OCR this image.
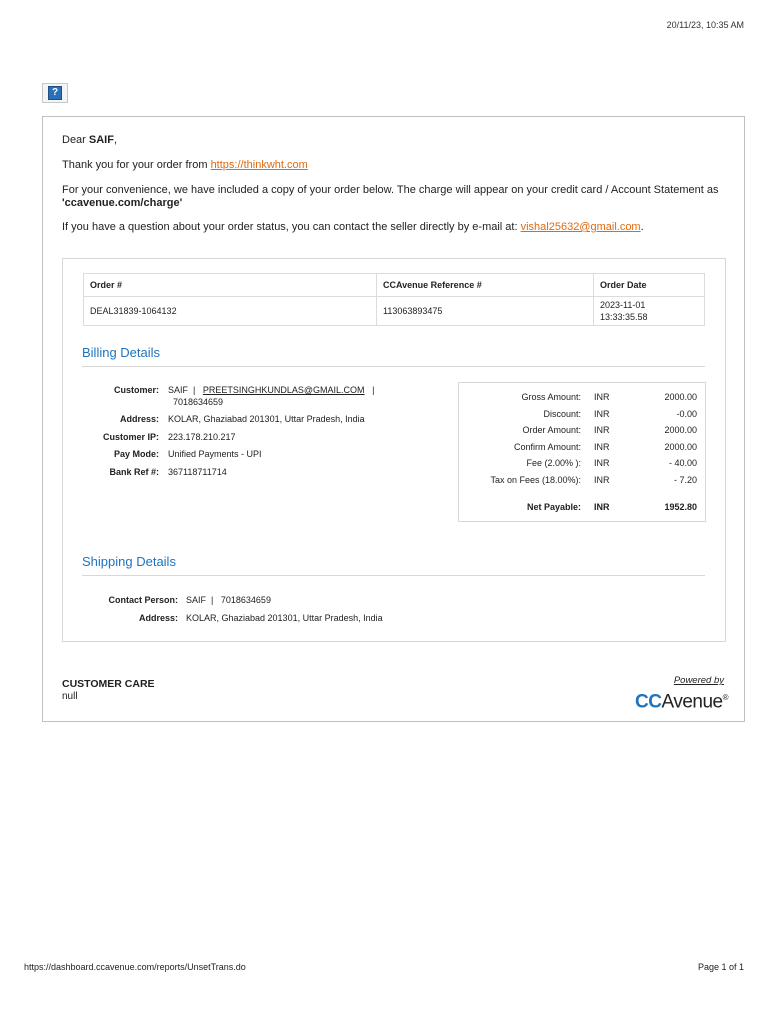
20/11/23, 10:35 AM
?
Dear SAIF,
Thank you for your order from https://thinkwht.com
For your convenience, we have included a copy of your order below. The charge will appear on your credit card / Account Statement as 'ccavenue.com/charge'
If you have a question about your order status, you can contact the seller directly by e-mail at: vishal25632@gmail.com.
Order #	CCAvenue Reference #	Order Date
DEAL31839-1064132	113063893475	2023-11-01
13:33:35.58
Billing Details
Customer: SAIF | PREETSINGHKUNDLAS@GMAIL.COM |
7018634659
Address: KOLAR, Ghaziabad 201301, Uttar Pradesh, India
Customer IP: 223.178.210.217
Pay Mode: Unified Payments - UPI
Bank Ref #: 367118711714
Gross Amount: INR	2000.00
Discount: INR	-0.00
Order Amount: INR	2000.00
Confirm Amount: INR	2000.00
Fee (2.00% ): INR	- 40.00
Tax on Fees (18.00%): INR	- 7.20
Net Payable: INR	1952.80
Shipping Details
Contact Person: SAIF | 7018634659
Address: KOLAR, Ghaziabad 201301, Uttar Pradesh, India
CUSTOMER CARE
null
Powered by
CCAvenue®
https://dashboard.ccavenue.com/reports/UnsetTrans.do	Page 1 of 1
